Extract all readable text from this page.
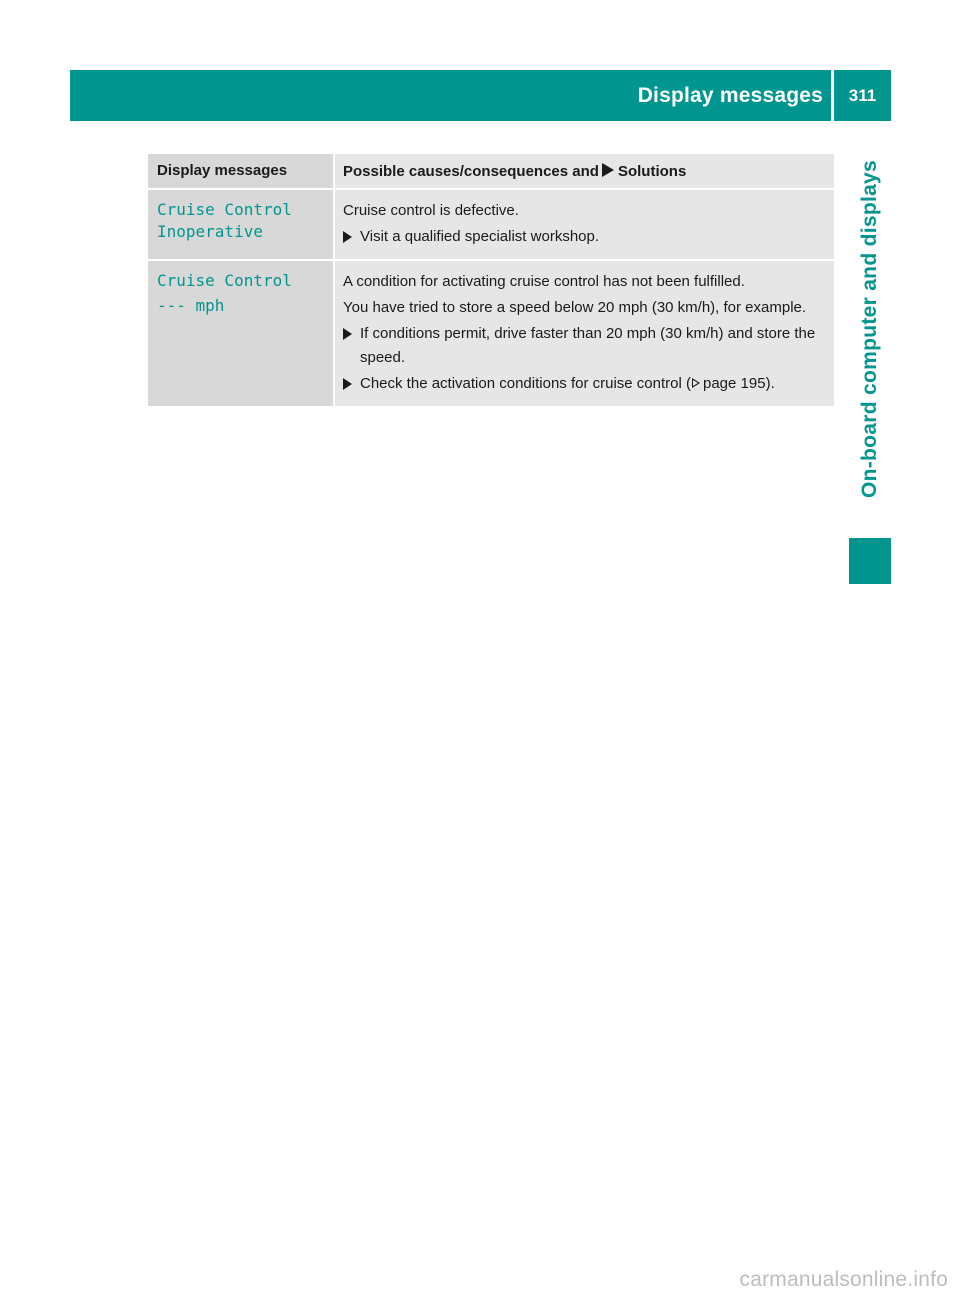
Display messages	311
On-board computer and displays
Display messages	Possible causes/consequences and Solutions
Cruise Control
Inoperative
Cruise control is defective.
Visit a qualified specialist workshop.
Cruise Control
--- mph
A condition for activating cruise control has not been fulfilled.
You have tried to store a speed below 20 mph (30 km/h), for example.
If conditions permit, drive faster than 20 mph (30 km/h) and store the speed.
Check the activation conditions for cruise control ( page 195).
carmanualsonline.info
